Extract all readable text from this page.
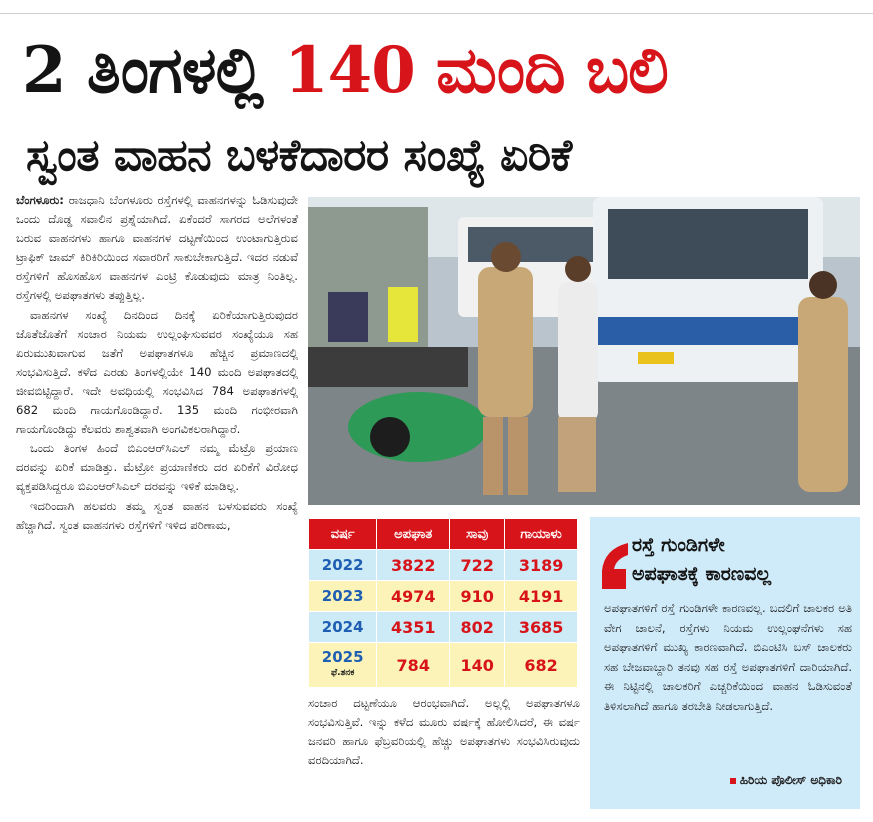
2 ತಿಂಗಳಲ್ಲಿ 140 ಮಂದಿ ಬಲಿ
ಸ್ವಂತ ವಾಹನ ಬಳಕೆದಾರರ ಸಂಖ್ಯೆ ಏರಿಕೆ

ಬೆಂಗಳೂರು: ರಾಜಧಾನಿ ಬೆಂಗಳೂರು ರಸ್ತೆಗಳಲ್ಲಿ ವಾಹನಗಳನ್ನು ಓಡಿಸುವುದೇ ಒಂದು ದೊಡ್ಡ ಸವಾಲಿನ ಪ್ರಶ್ನೆಯಾಗಿದೆ. ಏಕೆಂದರೆ ಸಾಗರದ ಅಲೆಗಳಂತೆ ಬರುವ ವಾಹನಗಳು ಹಾಗೂ ವಾಹನಗಳ ದಟ್ಟಣೆಯಿಂದ ಉಂಟಾಗುತ್ತಿರುವ ಟ್ರಾಫಿಕ್ ಜಾಮ್ ಕಿರಿಕಿರಿಯಿಂದ ಸವಾರರಿಗೆ ಸಾಕುಬೇಕಾಗುತ್ತಿದೆ. ಇದರ ನಡುವೆ ರಸ್ತೆಗಳಿಗೆ ಹೊಸಹೊಸ ವಾಹನಗಳ ಎಂಟ್ರಿ ಕೊಡುವುದು ಮಾತ್ರ ನಿಂತಿಲ್ಲ. ರಸ್ತೆಗಳಲ್ಲಿ ಅಪಘಾತಗಳು ತಪ್ಪುತ್ತಿಲ್ಲ.

ವಾಹನಗಳ ಸಂಖ್ಯೆ ದಿನದಿಂದ ದಿನಕ್ಕೆ ಏರಿಕೆಯಾಗುತ್ತಿರುವುದರ ಜೊತೆಜೊತೆಗೆ ಸಂಚಾರ ನಿಯಮ ಉಲ್ಲಂಘಿಸುವವರ ಸಂಖ್ಯೆಯೂ ಸಹ ಏರುಮುಖವಾಗುವ ಜತೆಗೆ ಅಪಘಾತಗಳೂ ಹೆಚ್ಚಿನ ಪ್ರಮಾಣದಲ್ಲಿ ಸಂಭವಿಸುತ್ತಿದೆ. ಕಳೆದ ಎರಡು ತಿಂಗಳಲ್ಲಿಯೇ 140 ಮಂದಿ ಅಪಘಾತದಲ್ಲಿ ಜೀವಬಿಟ್ಟಿದ್ದಾರೆ. ಇದೇ ಅವಧಿಯಲ್ಲಿ ಸಂಭವಿಸಿದ 784 ಅಪಘಾತಗಳಲ್ಲಿ 682 ಮಂದಿ ಗಾಯಗೊಂಡಿದ್ದಾರೆ. 135 ಮಂದಿ ಗಂಭೀರವಾಗಿ ಗಾಯಗೊಂಡಿದ್ದು ಕೆಲವರು ಶಾಶ್ವತವಾಗಿ ಅಂಗವಿಕಲರಾಗಿದ್ದಾರೆ.

ಒಂದು ತಿಂಗಳ ಹಿಂದೆ ಬಿಎಂಆರ್‌ಸಿಎಲ್ ನಮ್ಮ ಮೆಟ್ರೊ ಪ್ರಯಾಣ ದರವನ್ನು ಏರಿಕೆ ಮಾಡಿತ್ತು. ಮೆಟ್ರೋ ಪ್ರಯಾಣಿಕರು ದರ ಏರಿಕೆಗೆ ವಿರೋಧ ವ್ಯಕ್ತಪಡಿಸಿದ್ದರೂ ಬಿಎಂಆರ್‌ಸಿಎಲ್ ದರವನ್ನು ಇಳಿಕೆ ಮಾಡಿಲ್ಲ.

ಇದರಿಂದಾಗಿ ಹಲವರು ತಮ್ಮ ಸ್ವಂತ ವಾಹನ ಬಳಸುವವರು ಸಂಖ್ಯೆ ಹೆಚ್ಚಾಗಿದೆ. ಸ್ವಂತ ವಾಹನಗಳು ರಸ್ತೆಗಳಿಗೆ ಇಳಿದ ಪರಿಣಾಮ,

ವರ್ಷ	ಅಪಘಾತ	ಸಾವು	ಗಾಯಾಳು
2022	3822	722	3189
2023	4974	910	4191
2024	4351	802	3685
2025
ಫೆ.ತನಕ	784	140	682

ಸಂಚಾರ ದಟ್ಟಣೆಯೂ ಆರಂಭವಾಗಿದೆ. ಅಲ್ಲಲ್ಲಿ ಅಪಘಾತಗಳೂ ಸಂಭವಿಸುತ್ತಿವೆ. ಇನ್ನು ಕಳೆದ ಮೂರು ವರ್ಷಕ್ಕೆ ಹೋಲಿಸಿದರೆ, ಈ ವರ್ಷ ಜನವರಿ ಹಾಗೂ ಫೆಬ್ರವರಿಯಲ್ಲಿ ಹೆಚ್ಚು ಅಪಘಾತಗಳು ಸಂಭವಿಸಿರುವುದು ವರದಿಯಾಗಿದೆ.

ರಸ್ತೆ ಗುಂಡಿಗಳೇ
ಅಪಘಾತಕ್ಕೆ ಕಾರಣವಲ್ಲ
ಅಪಘಾತಗಳಿಗೆ ರಸ್ತೆ ಗುಂಡಿಗಳೇ ಕಾರಣವಲ್ಲ. ಬದಲಿಗೆ ಚಾಲಕರ ಅತಿ ವೇಗ ಚಾಲನೆ, ರಸ್ತೆಗಳು ನಿಯಮ ಉಲ್ಲಂಘನೆಗಳು ಸಹ ಅಪಘಾತಗಳಿಗೆ ಮುಖ್ಯ ಕಾರಣವಾಗಿದೆ. ಬಿಎಂಟಿಸಿ ಬಸ್ ಚಾಲಕರು ಸಹ ಬೇಜವಾಬ್ದಾರಿ ತನವು ಸಹ ರಸ್ತೆ ಅಪಘಾತಗಳಿಗೆ ದಾರಿಯಾಗಿದೆ. ಈ ನಿಟ್ಟಿನಲ್ಲಿ ಚಾಲಕರಿಗೆ ಎಚ್ಚರಿಕೆಯಿಂದ ವಾಹನ ಓಡಿಸುವಂತೆ ತಿಳಿಸಲಾಗಿದೆ ಹಾಗೂ ತರಬೇತಿ ನೀಡಲಾಗುತ್ತಿದೆ.
ಹಿರಿಯ ಪೊಲೀಸ್ ಅಧಿಕಾರಿ
